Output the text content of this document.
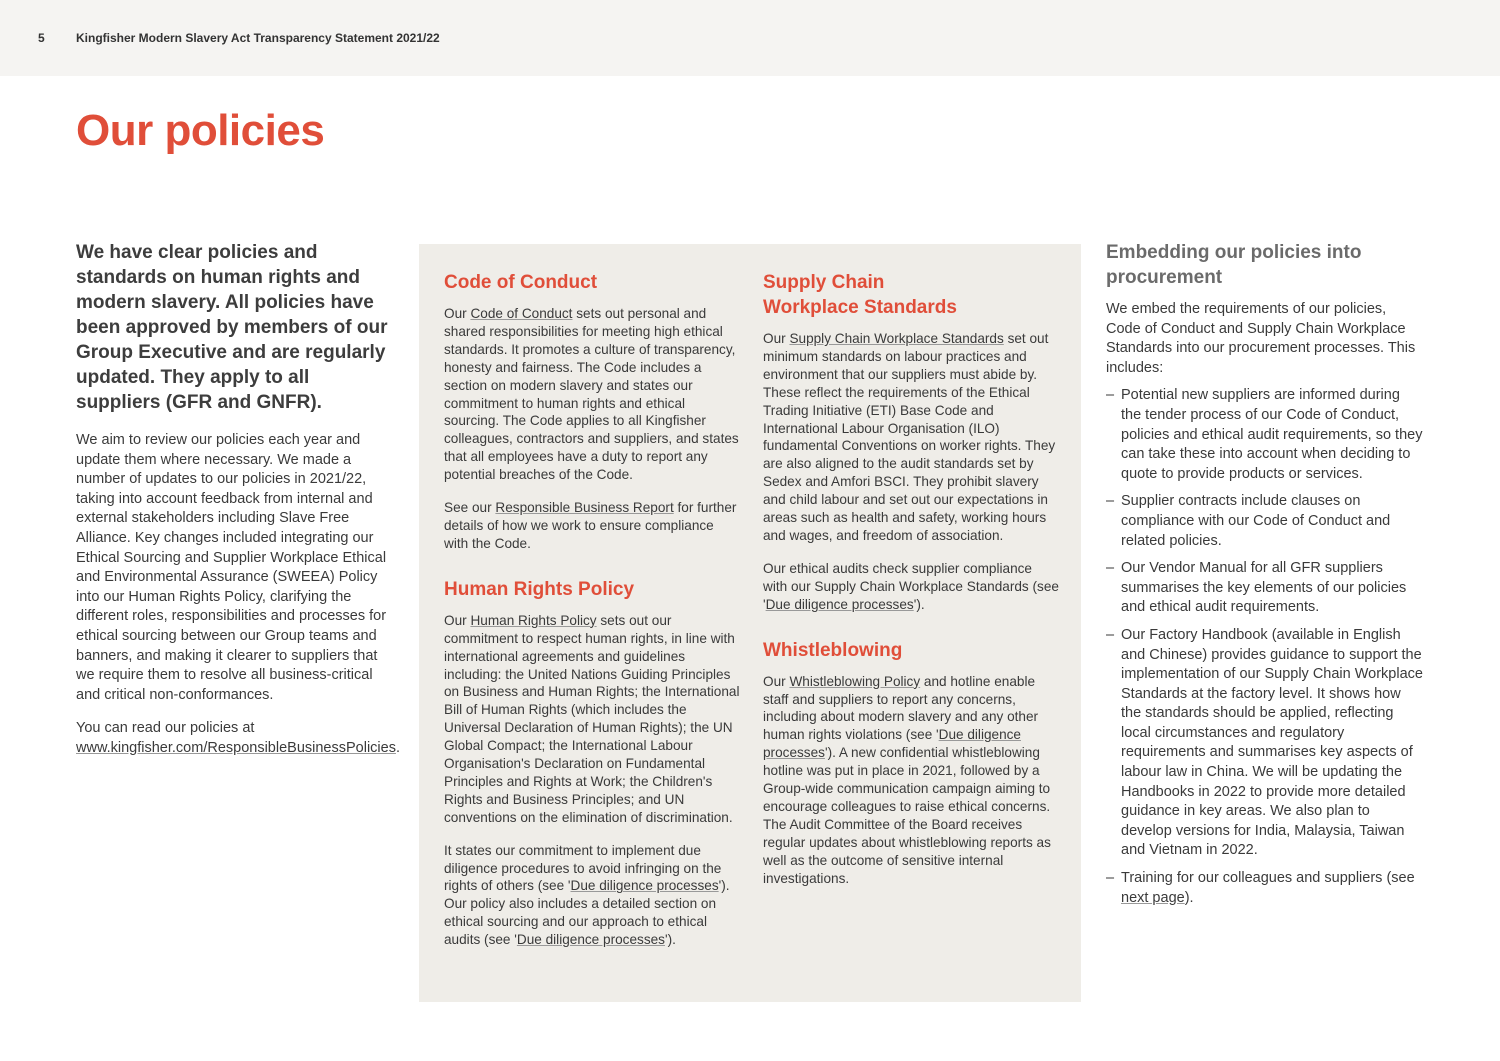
5	Kingfisher Modern Slavery Act Transparency Statement 2021/22
Our policies

We have clear policies and standards on human rights and modern slavery. All policies have been approved by members of our Group Executive and are regularly updated. They apply to all suppliers (GFR and GNFR).

We aim to review our policies each year and update them where necessary. We made a number of updates to our policies in 2021/22, taking into account feedback from internal and external stakeholders including Slave Free Alliance. Key changes included integrating our Ethical Sourcing and Supplier Workplace Ethical and Environmental Assurance (SWEEA) Policy into our Human Rights Policy, clarifying the different roles, responsibilities and processes for ethical sourcing between our Group teams and banners, and making it clearer to suppliers that we require them to resolve all business-critical and critical non-conformances.

You can read our policies at www.kingfisher.com/ResponsibleBusinessPolicies.

Code of Conduct

Our Code of Conduct sets out personal and shared responsibilities for meeting high ethical standards. It promotes a culture of transparency, honesty and fairness. The Code includes a section on modern slavery and states our commitment to human rights and ethical sourcing. The Code applies to all Kingfisher colleagues, contractors and suppliers, and states that all employees have a duty to report any potential breaches of the Code.

See our Responsible Business Report for further details of how we work to ensure compliance with the Code.

Human Rights Policy

Our Human Rights Policy sets out our commitment to respect human rights, in line with international agreements and guidelines including: the United Nations Guiding Principles on Business and Human Rights; the International Bill of Human Rights (which includes the Universal Declaration of Human Rights); the UN Global Compact; the International Labour Organisation's Declaration on Fundamental Principles and Rights at Work; the Children's Rights and Business Principles; and UN conventions on the elimination of discrimination.

It states our commitment to implement due diligence procedures to avoid infringing on the rights of others (see 'Due diligence processes'). Our policy also includes a detailed section on ethical sourcing and our approach to ethical audits (see 'Due diligence processes').

Supply Chain Workplace Standards

Our Supply Chain Workplace Standards set out minimum standards on labour practices and environment that our suppliers must abide by. These reflect the requirements of the Ethical Trading Initiative (ETI) Base Code and International Labour Organisation (ILO) fundamental Conventions on worker rights. They are also aligned to the audit standards set by Sedex and Amfori BSCI. They prohibit slavery and child labour and set out our expectations in areas such as health and safety, working hours and wages, and freedom of association.

Our ethical audits check supplier compliance with our Supply Chain Workplace Standards (see 'Due diligence processes').

Whistleblowing

Our Whistleblowing Policy and hotline enable staff and suppliers to report any concerns, including about modern slavery and any other human rights violations (see 'Due diligence processes'). A new confidential whistleblowing hotline was put in place in 2021, followed by a Group-wide communication campaign aiming to encourage colleagues to raise ethical concerns. The Audit Committee of the Board receives regular updates about whistleblowing reports as well as the outcome of sensitive internal investigations.

Embedding our policies into procurement

We embed the requirements of our policies, Code of Conduct and Supply Chain Workplace Standards into our procurement processes. This includes:

– Potential new suppliers are informed during the tender process of our Code of Conduct, policies and ethical audit requirements, so they can take these into account when deciding to quote to provide products or services.
– Supplier contracts include clauses on compliance with our Code of Conduct and related policies.
– Our Vendor Manual for all GFR suppliers summarises the key elements of our policies and ethical audit requirements.
– Our Factory Handbook (available in English and Chinese) provides guidance to support the implementation of our Supply Chain Workplace Standards at the factory level. It shows how the standards should be applied, reflecting local circumstances and regulatory requirements and summarises key aspects of labour law in China. We will be updating the Handbooks in 2022 to provide more detailed guidance in key areas. We also plan to develop versions for India, Malaysia, Taiwan and Vietnam in 2022.
– Training for our colleagues and suppliers (see next page).
